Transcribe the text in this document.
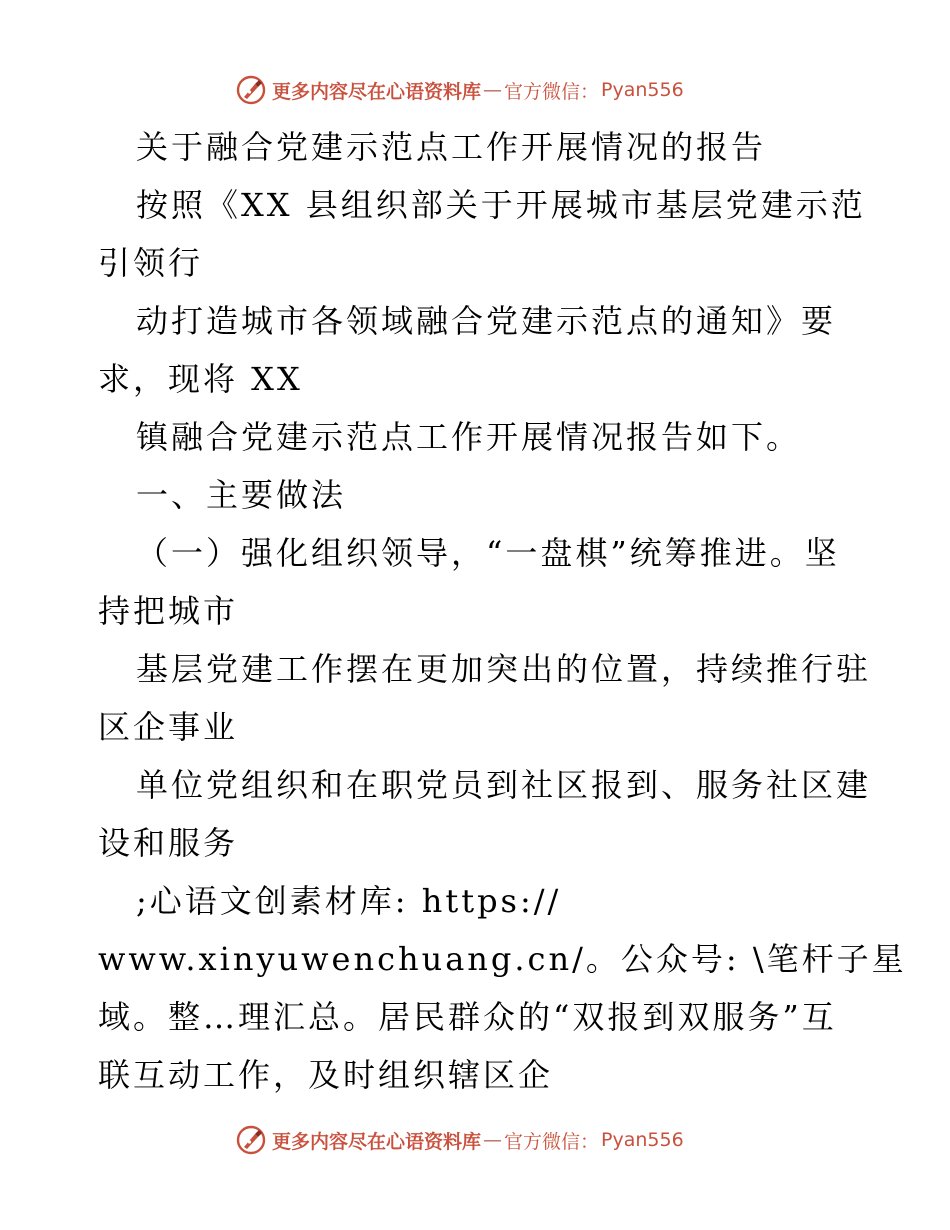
更多内容尽在心语资料库 — 官方微信： Pyan556
关于融合党建示范点工作开展情况的报告
按照《XX 县组织部关于开展城市基层党建示范
引领行
动打造城市各领域融合党建示范点的通知》要
求，现将 XX
镇融合党建示范点工作开展情况报告如下。
一、主要做法
（一）强化组织领导，“一盘棋”统筹推进。坚
持把城市
基层党建工作摆在更加突出的位置，持续推行驻
区企事业
单位党组织和在职党员到社区报到、服务社区建
设和服务
;心语文创素材库: https://
www.xinyuwenchuang.cn/。公众号: \笔杆子星
域。整…理汇总。居民群众的“双报到双服务”互
联互动工作，及时组织辖区企
更多内容尽在心语资料库 — 官方微信： Pyan556
